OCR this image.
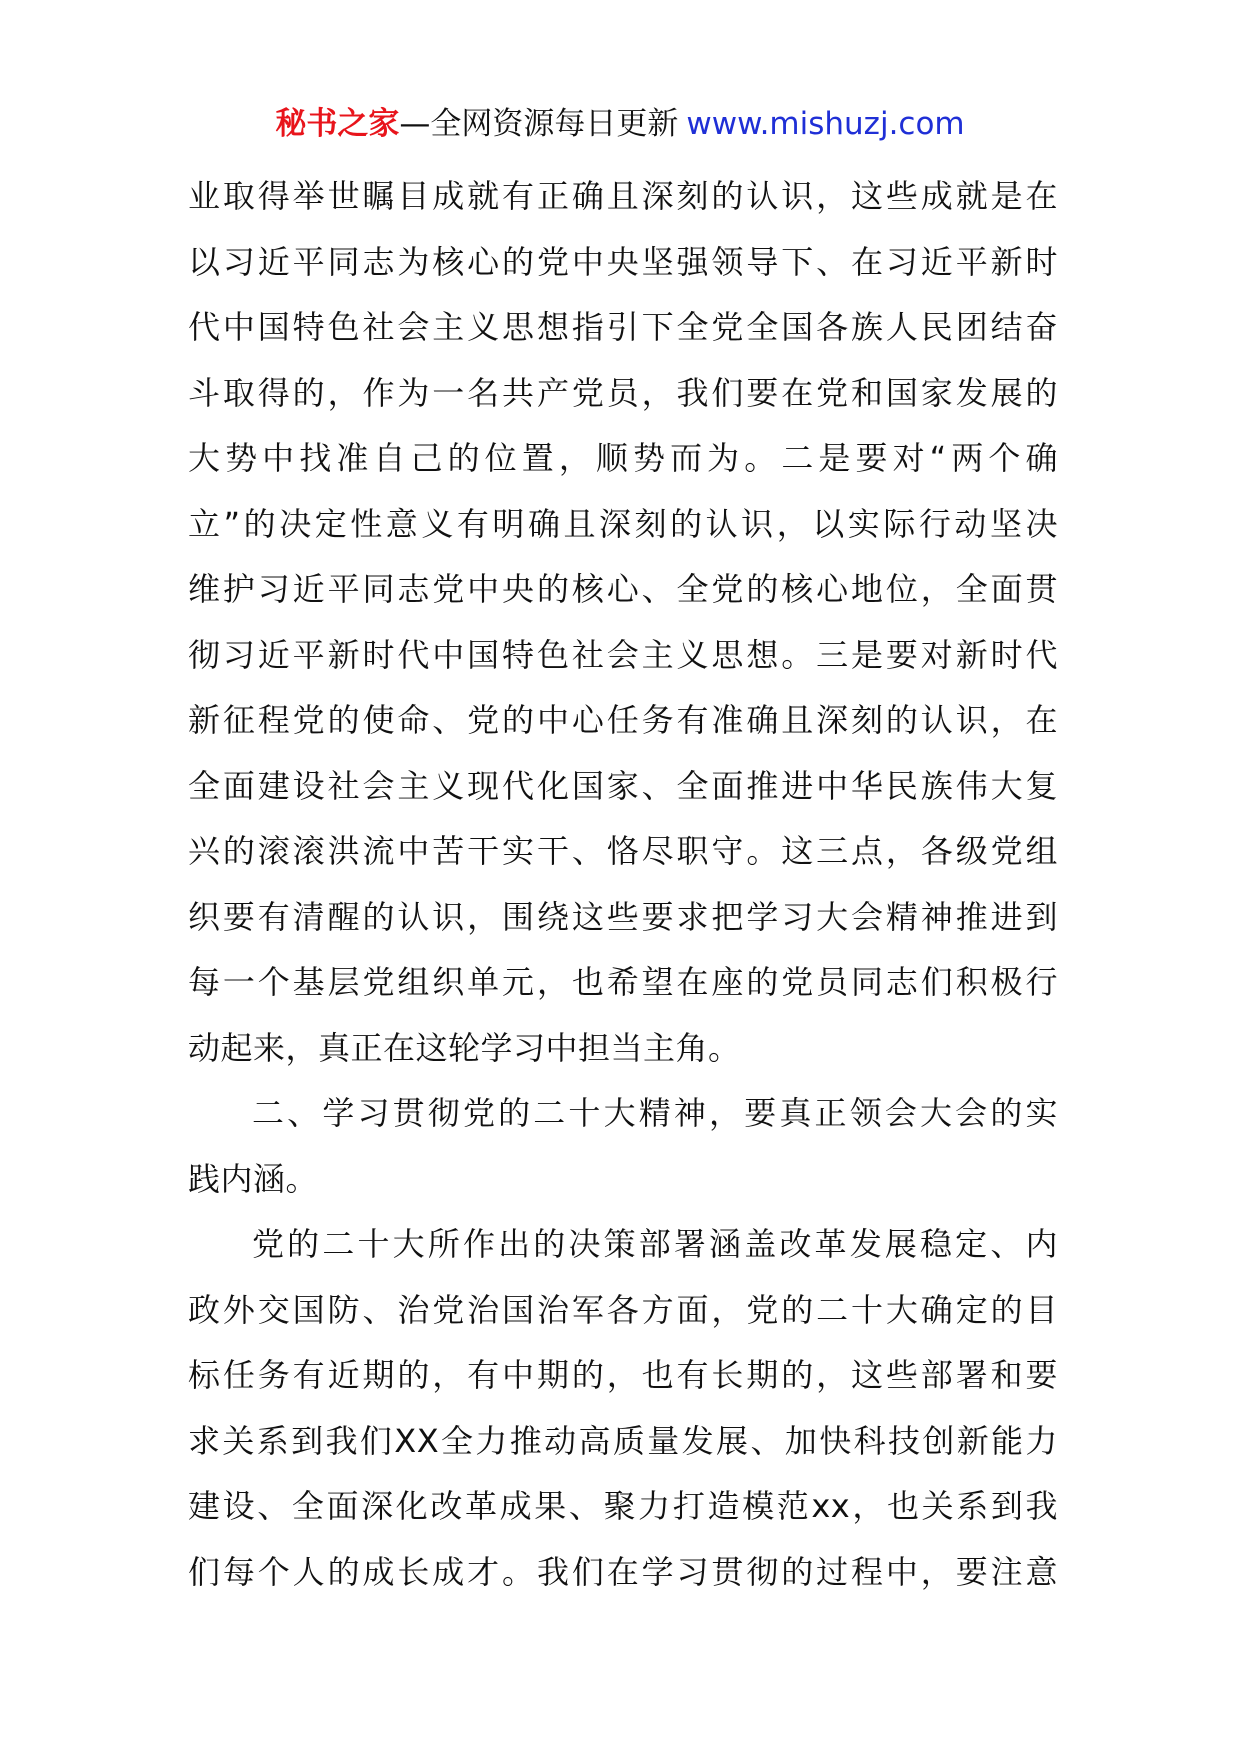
秘书之家—全网资源每日更新 www.mishuzj.com
业取得举世瞩目成就有正确且深刻的认识，这些成就是在
以习近平同志为核心的党中央坚强领导下、在习近平新时
代中国特色社会主义思想指引下全党全国各族人民团结奋
斗取得的，作为一名共产党员，我们要在党和国家发展的
大势中找准自己的位置，顺势而为。二是要对“两个确
立”的决定性意义有明确且深刻的认识，以实际行动坚决
维护习近平同志党中央的核心、全党的核心地位，全面贯
彻习近平新时代中国特色社会主义思想。三是要对新时代
新征程党的使命、党的中心任务有准确且深刻的认识，在
全面建设社会主义现代化国家、全面推进中华民族伟大复
兴的滚滚洪流中苦干实干、恪尽职守。这三点，各级党组
织要有清醒的认识，围绕这些要求把学习大会精神推进到
每一个基层党组织单元，也希望在座的党员同志们积极行
动起来，真正在这轮学习中担当主角。
二、学习贯彻党的二十大精神，要真正领会大会的实
践内涵。
党的二十大所作出的决策部署涵盖改革发展稳定、内
政外交国防、治党治国治军各方面，党的二十大确定的目
标任务有近期的，有中期的，也有长期的，这些部署和要
求关系到我们XX全力推动高质量发展、加快科技创新能力
建设、全面深化改革成果、聚力打造模范xx，也关系到我
们每个人的成长成才。我们在学习贯彻的过程中，要注意
